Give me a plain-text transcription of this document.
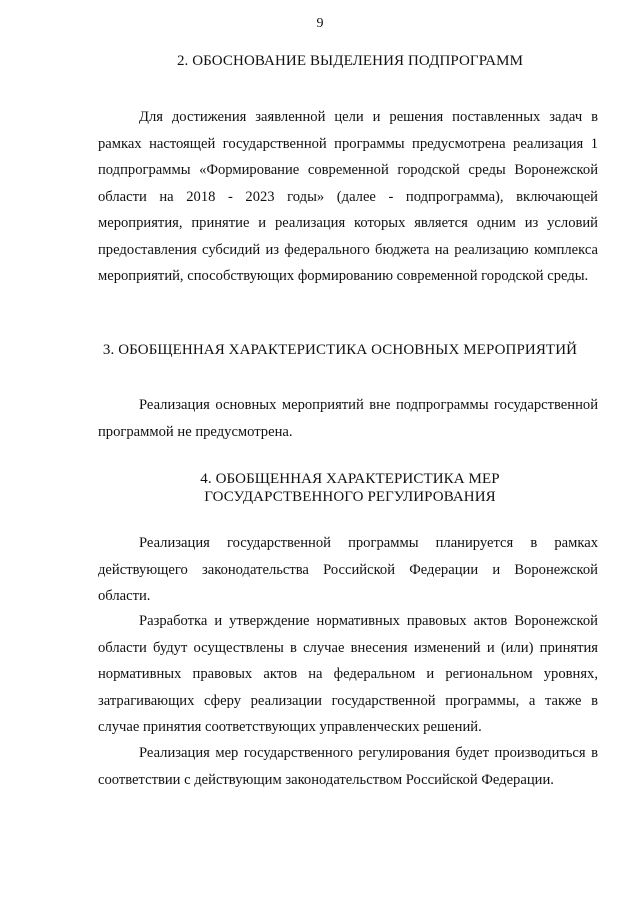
9
2. ОБОСНОВАНИЕ ВЫДЕЛЕНИЯ ПОДПРОГРАММ

Для достижения заявленной цели и решения поставленных задач в рамках настоящей государственной программы предусмотрена реализация 1 подпрограммы «Формирование современной городской среды Воронежской области на 2018 - 2023 годы» (далее - подпрограмма), включающей мероприятия, принятие и реализация которых является одним из условий предоставления субсидий из федерального бюджета на реализацию комплекса мероприятий, способствующих формированию современной городской среды.

3. ОБОБЩЕННАЯ ХАРАКТЕРИСТИКА ОСНОВНЫХ МЕРОПРИЯТИЙ

Реализация основных мероприятий вне подпрограммы государственной программой не предусмотрена.

4. ОБОБЩЕННАЯ ХАРАКТЕРИСТИКА МЕР
ГОСУДАРСТВЕННОГО РЕГУЛИРОВАНИЯ

Реализация государственной программы планируется в рамках действующего законодательства Российской Федерации и Воронежской области.

Разработка и утверждение нормативных правовых актов Воронежской области будут осуществлены в случае внесения изменений и (или) принятия нормативных правовых актов на федеральном и региональном уровнях, затрагивающих сферу реализации государственной программы, а также в случае принятия соответствующих управленческих решений.

Реализация мер государственного регулирования будет производиться в соответствии с действующим законодательством Российской Федерации.
